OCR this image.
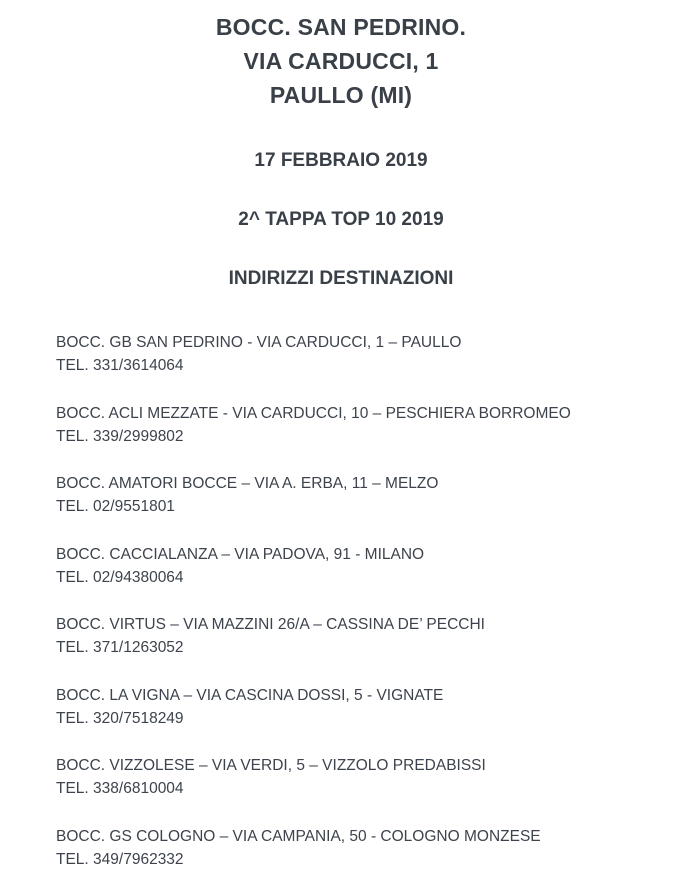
BOCC. SAN PEDRINO.
VIA CARDUCCI, 1
PAULLO (MI)
17 FEBBRAIO 2019
2^ TAPPA TOP 10 2019
INDIRIZZI DESTINAZIONI
BOCC. GB SAN PEDRINO - VIA CARDUCCI, 1 – PAULLO
TEL. 331/3614064
BOCC. ACLI MEZZATE - VIA CARDUCCI, 10 – PESCHIERA BORROMEO
TEL. 339/2999802
BOCC. AMATORI BOCCE – VIA A. ERBA, 11 – MELZO
TEL. 02/9551801
BOCC. CACCIALANZA – VIA PADOVA, 91 - MILANO
TEL. 02/94380064
BOCC. VIRTUS – VIA MAZZINI 26/A – CASSINA DE’ PECCHI
TEL. 371/1263052
BOCC. LA VIGNA – VIA CASCINA DOSSI, 5 - VIGNATE
TEL. 320/7518249
BOCC. VIZZOLESE – VIA VERDI, 5 – VIZZOLO PREDABISSI
TEL. 338/6810004
BOCC. GS COLOGNO – VIA CAMPANIA, 50 - COLOGNO MONZESE
TEL. 349/7962332
